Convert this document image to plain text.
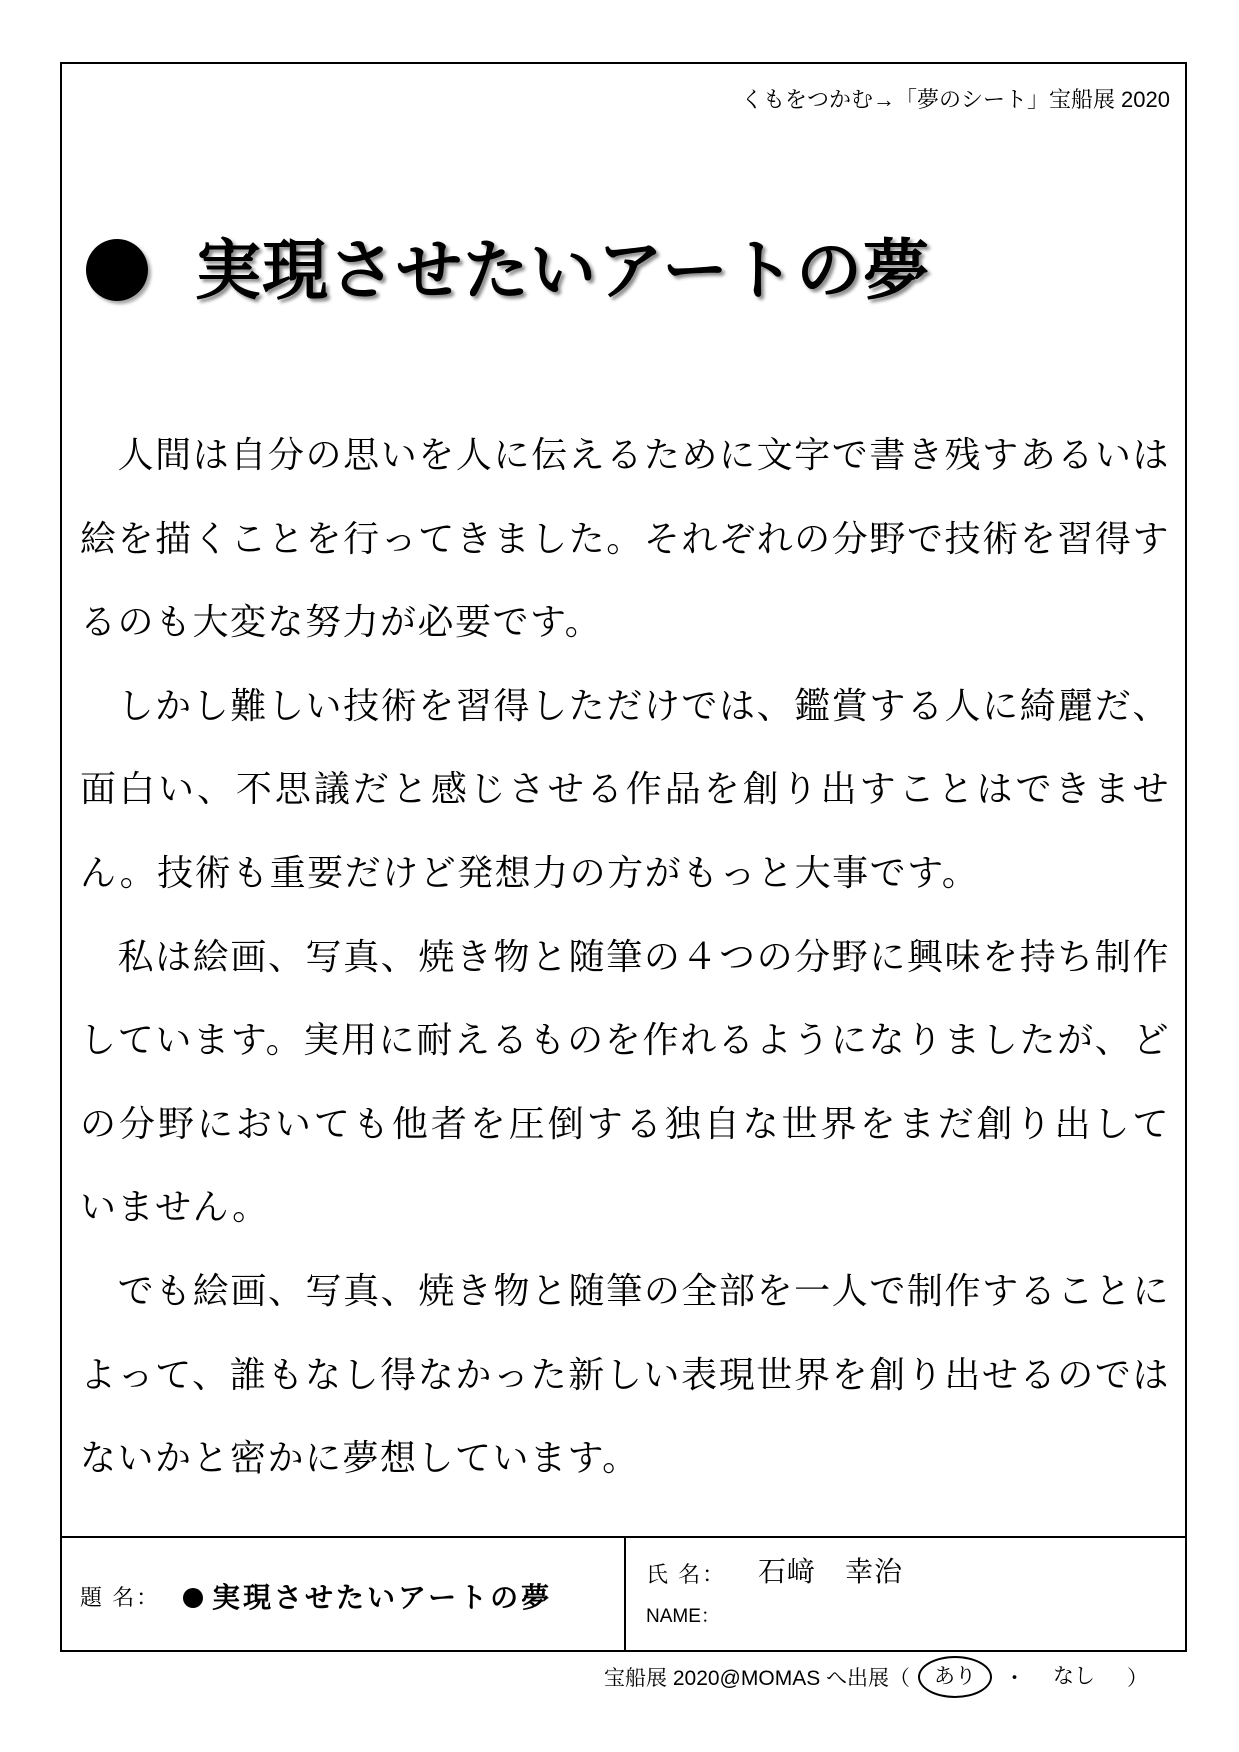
くもをつかむ→「夢のシート」宝船展 2020
実現させたいアートの夢
　人間は自分の思いを人に伝えるために文字で書き残すあるいは
絵を描くことを行ってきました。それぞれの分野で技術を習得す
るのも大変な努力が必要です。
　しかし難しい技術を習得しただけでは、鑑賞する人に綺麗だ、
面白い、不思議だと感じさせる作品を創り出すことはできませ
ん。技術も重要だけど発想力の方がもっと大事です。
　私は絵画、写真、焼き物と随筆の４つの分野に興味を持ち制作
しています。実用に耐えるものを作れるようになりましたが、ど
の分野においても他者を圧倒する独自な世界をまだ創り出して
いません。
　でも絵画、写真、焼き物と随筆の全部を一人で制作することに
よって、誰もなし得なかった新しい表現世界を創り出せるのでは
ないかと密かに夢想しています。
題 名： 実現させたいアートの夢
氏 名： 石﨑　幸治
NAME：
宝船展 2020@MOMAS へ出展（	あり	・	なし	）
